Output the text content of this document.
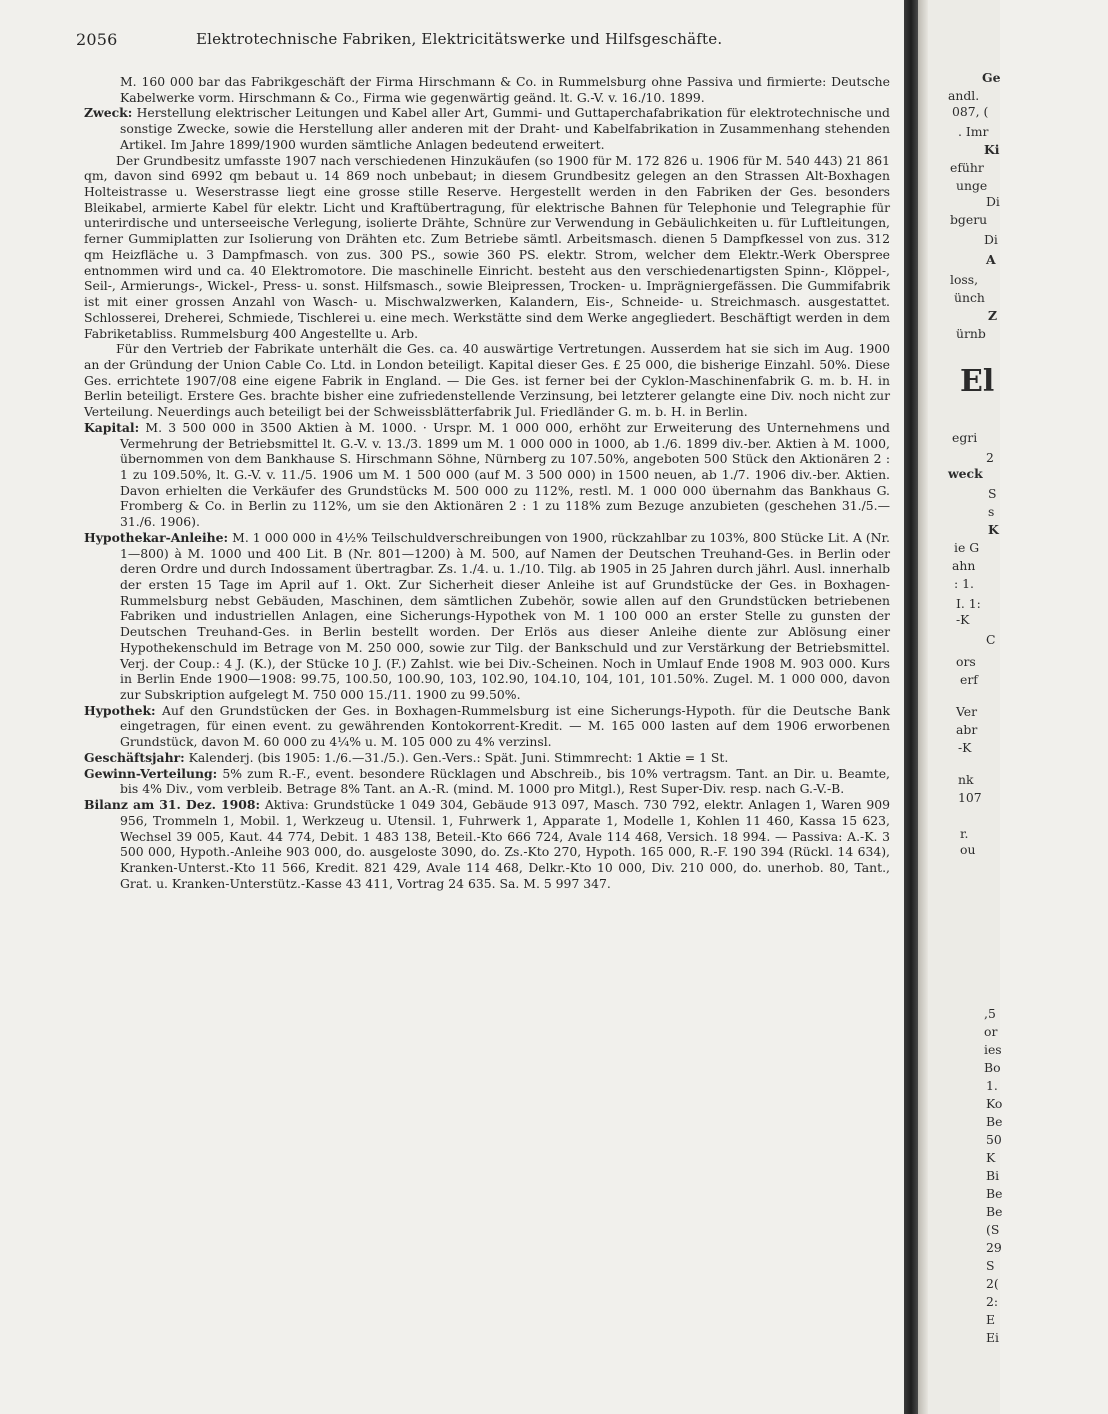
2056	Elektrotechnische Fabriken, Elektricitätswerke und Hilfsgeschäfte.

M. 160 000 bar das Fabrikgeschäft der Firma Hirschmann & Co. in Rummelsburg ohne Passiva und firmierte: Deutsche Kabelwerke vorm. Hirschmann & Co., Firma wie gegenwärtig geänd. lt. G.-V. v. 16./10. 1899.

Zweck: Herstellung elektrischer Leitungen und Kabel aller Art, Gummi- und Guttaperchafabrikation für elektrotechnische und sonstige Zwecke, sowie die Herstellung aller anderen mit der Draht- und Kabelfabrikation in Zusammenhang stehenden Artikel. Im Jahre 1899/1900 wurden sämtliche Anlagen bedeutend erweitert.

Der Grundbesitz umfasste 1907 nach verschiedenen Hinzukäufen (so 1900 für M. 172 826 u. 1906 für M. 540 443) 21 861 qm, davon sind 6992 qm bebaut u. 14 869 noch unbebaut; in diesem Grundbesitz gelegen an den Strassen Alt-Boxhagen Holteistrasse u. Weserstrasse liegt eine grosse stille Reserve. Hergestellt werden in den Fabriken der Ges. besonders Bleikabel, armierte Kabel für elektr. Licht und Kraftübertragung, für elektrische Bahnen für Telephonie und Telegraphie für unterirdische und unterseeische Verlegung, isolierte Drähte, Schnüre zur Verwendung in Gebäulichkeiten u. für Luftleitungen, ferner Gummiplatten zur Isolierung von Drähten etc. Zum Betriebe sämtl. Arbeitsmasch. dienen 5 Dampfkessel von zus. 312 qm Heizfläche u. 3 Dampfmasch. von zus. 300 PS., sowie 360 PS. elektr. Strom, welcher dem Elektr.-Werk Oberspree entnommen wird und ca. 40 Elektromotore. Die maschinelle Einricht. besteht aus den verschiedenartigsten Spinn-, Klöppel-, Seil-, Armierungs-, Wickel-, Press- u. sonst. Hilfsmasch., sowie Bleipressen, Trocken- u. Imprägniergefässen. Die Gummifabrik ist mit einer grossen Anzahl von Wasch- u. Mischwalzwerken, Kalandern, Eis-, Schneide- u. Streichmasch. ausgestattet. Schlosserei, Dreherei, Schmiede, Tischlerei u. eine mech. Werkstätte sind dem Werke angegliedert. Beschäftigt werden in dem Fabriketabliss. Rummelsburg 400 Angestellte u. Arb.

Für den Vertrieb der Fabrikate unterhält die Ges. ca. 40 auswärtige Vertretungen. Ausserdem hat sie sich im Aug. 1900 an der Gründung der Union Cable Co. Ltd. in London beteiligt. Kapital dieser Ges. £ 25 000, die bisherige Einzahl. 50%. Diese Ges. errichtete 1907/08 eine eigene Fabrik in England. — Die Ges. ist ferner bei der Cyklon-Maschinenfabrik G. m. b. H. in Berlin beteiligt. Erstere Ges. brachte bisher eine zufriedenstellende Verzinsung, bei letzterer gelangte eine Div. noch nicht zur Verteilung. Neuerdings auch beteiligt bei der Schweissblätterfabrik Jul. Friedländer G. m. b. H. in Berlin.

Kapital: M. 3 500 000 in 3500 Aktien à M. 1000. · Urspr. M. 1 000 000, erhöht zur Erweiterung des Unternehmens und Vermehrung der Betriebsmittel lt. G.-V. v. 13./3. 1899 um M. 1 000 000 in 1000, ab 1./6. 1899 div.-ber. Aktien à M. 1000, übernommen von dem Bankhause S. Hirschmann Söhne, Nürnberg zu 107.50%, angeboten 500 Stück den Aktionären 2 : 1 zu 109.50%, lt. G.-V. v. 11./5. 1906 um M. 1 500 000 (auf M. 3 500 000) in 1500 neuen, ab 1./7. 1906 div.-ber. Aktien. Davon erhielten die Verkäufer des Grundstücks M. 500 000 zu 112%, restl. M. 1 000 000 übernahm das Bankhaus G. Fromberg & Co. in Berlin zu 112%, um sie den Aktionären 2 : 1 zu 118% zum Bezuge anzubieten (geschehen 31./5.—31./6. 1906).

Hypothekar-Anleihe: M. 1 000 000 in 4½% Teilschuldverschreibungen von 1900, rückzahlbar zu 103%, 800 Stücke Lit. A (Nr. 1—800) à M. 1000 und 400 Lit. B (Nr. 801—1200) à M. 500, auf Namen der Deutschen Treuhand-Ges. in Berlin oder deren Ordre und durch Indossament übertragbar. Zs. 1./4. u. 1./10. Tilg. ab 1905 in 25 Jahren durch jährl. Ausl. innerhalb der ersten 15 Tage im April auf 1. Okt. Zur Sicherheit dieser Anleihe ist auf Grundstücke der Ges. in Boxhagen-Rummelsburg nebst Gebäuden, Maschinen, dem sämtlichen Zubehör, sowie allen auf den Grundstücken betriebenen Fabriken und industriellen Anlagen, eine Sicherungs-Hypothek von M. 1 100 000 an erster Stelle zu gunsten der Deutschen Treuhand-Ges. in Berlin bestellt worden. Der Erlös aus dieser Anleihe diente zur Ablösung einer Hypothekenschuld im Betrage von M. 250 000, sowie zur Tilg. der Bankschuld und zur Verstärkung der Betriebsmittel. Verj. der Coup.: 4 J. (K.), der Stücke 10 J. (F.) Zahlst. wie bei Div.-Scheinen. Noch in Umlauf Ende 1908 M. 903 000. Kurs in Berlin Ende 1900—1908: 99.75, 100.50, 100.90, 103, 102.90, 104.10, 104, 101, 101.50%. Zugel. M. 1 000 000, davon zur Subskription aufgelegt M. 750 000 15./11. 1900 zu 99.50%.

Hypothek: Auf den Grundstücken der Ges. in Boxhagen-Rummelsburg ist eine Sicherungs-Hypoth. für die Deutsche Bank eingetragen, für einen event. zu gewährenden Kontokorrent-Kredit. — M. 165 000 lasten auf dem 1906 erworbenen Grundstück, davon M. 60 000 zu 4¼% u. M. 105 000 zu 4% verzinsl.

Geschäftsjahr: Kalenderj. (bis 1905: 1./6.—31./5.). Gen.-Vers.: Spät. Juni. Stimmrecht: 1 Aktie = 1 St.

Gewinn-Verteilung: 5% zum R.-F., event. besondere Rücklagen und Abschreib., bis 10% vertragsm. Tant. an Dir. u. Beamte, bis 4% Div., vom verbleib. Betrage 8% Tant. an A.-R. (mind. M. 1000 pro Mitgl.), Rest Super-Div. resp. nach G.-V.-B.

Bilanz am 31. Dez. 1908: Aktiva: Grundstücke 1 049 304, Gebäude 913 097, Masch. 730 792, elektr. Anlagen 1, Waren 909 956, Trommeln 1, Mobil. 1, Werkzeug u. Utensil. 1, Fuhrwerk 1, Apparate 1, Modelle 1, Kohlen 11 460, Kassa 15 623, Wechsel 39 005, Kaut. 44 774, Debit. 1 483 138, Beteil.-Kto 666 724, Avale 114 468, Versich. 18 994. — Passiva: A.-K. 3 500 000, Hypoth.-Anleihe 903 000, do. ausgeloste 3090, do. Zs.-Kto 270, Hypoth. 165 000, R.-F. 190 394 (Rückl. 14 634), Kranken-Unterst.-Kto 11 566, Kredit. 821 429, Avale 114 468, Delkr.-Kto 10 000, Div. 210 000, do. unerhob. 80, Tant., Grat. u. Kranken-Unterstütz.-Kasse 43 411, Vortrag 24 635. Sa. M. 5 997 347.

Ge
andl.
087, (
. Imr
Ki
eführ
unge
Di
bgeru
Di
A
loss,
ünch
Z
ürnb
El
egri
2
weck
S
s
K
ie G
ahn
: 1.
I. 1:
-K
C
ors
erf
Ver
abr
-K
nk
107
r.
ou
,5
or
ies
Bo
1.
Ko
Be
50
K
Bi
Be
Be
(S
29
S
2(
2:
E
Ei
